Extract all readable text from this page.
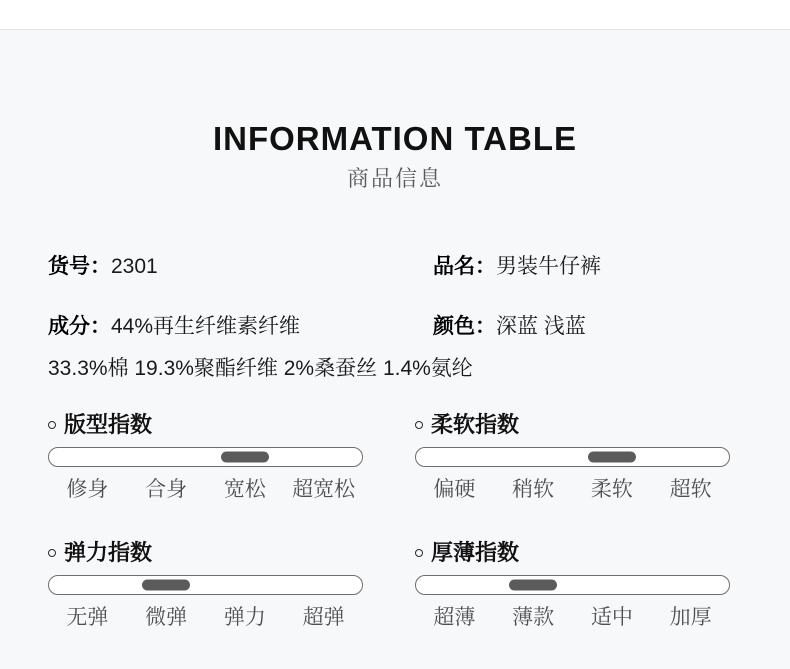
INFORMATION TABLE
商品信息
货号：2301	品名：男装牛仔裤
成分：44%再生纤维素纤维	颜色：深蓝 浅蓝
33.3%棉 19.3%聚酯纤维 2%桑蚕丝 1.4%氨纶
版型指数
修身	合身	宽松	超宽松
柔软指数
偏硬	稍软	柔软	超软
弹力指数
无弹	微弹	弹力	超弹
厚薄指数
超薄	薄款	适中	加厚
